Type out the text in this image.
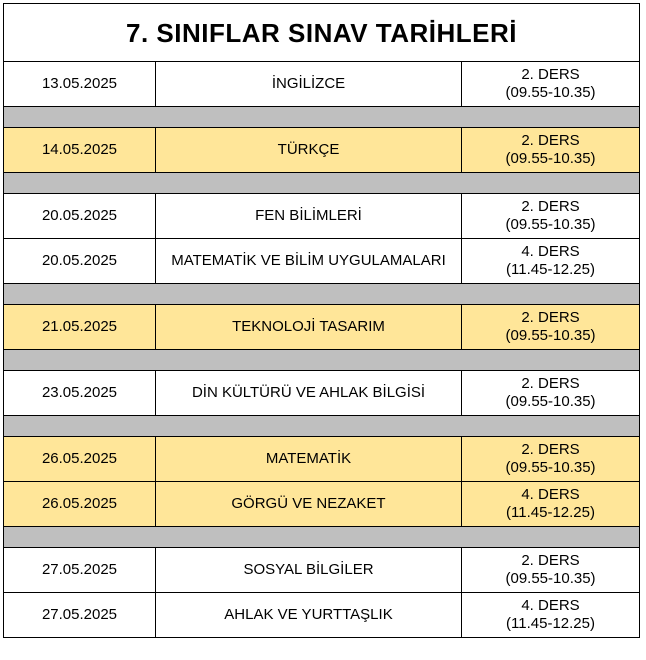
7. SINIFLAR SINAV TARİHLERİ		
13.05.2025	İNGİLİZCE	2. DERS
(09.55-10.35)

14.05.2025	TÜRKÇE	2. DERS
(09.55-10.35)

20.05.2025	FEN BİLİMLERİ	2. DERS
(09.55-10.35)

20.05.2025	MATEMATİK VE BİLİM UYGULAMALARI	4. DERS
(11.45-12.25)

21.05.2025	TEKNOLOJİ TASARIM	2. DERS
(09.55-10.35)

23.05.2025	DİN KÜLTÜRÜ VE AHLAK BİLGİSİ	2. DERS
(09.55-10.35)

26.05.2025	MATEMATİK	2. DERS
(09.55-10.35)

26.05.2025	GÖRGÜ VE NEZAKET	4. DERS
(11.45-12.25)

27.05.2025	SOSYAL BİLGİLER	2. DERS
(09.55-10.35)

27.05.2025	AHLAK VE YURTTAŞLIK	4. DERS
(11.45-12.25)
